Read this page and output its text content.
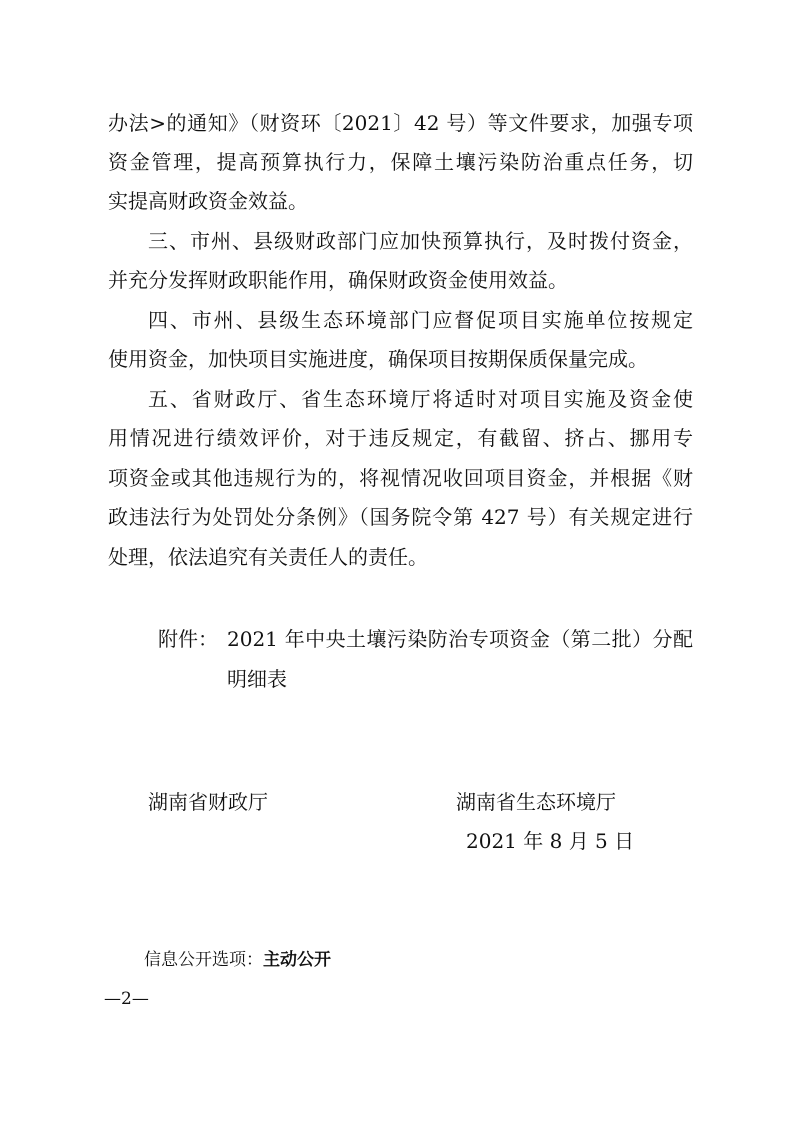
办法>的通知》（财资环〔2021〕42 号）等文件要求，加强专项
资金管理，提高预算执行力，保障土壤污染防治重点任务，切
实提高财政资金效益。
三、市州、县级财政部门应加快预算执行，及时拨付资金，
并充分发挥财政职能作用，确保财政资金使用效益。
四、市州、县级生态环境部门应督促项目实施单位按规定
使用资金，加快项目实施进度，确保项目按期保质保量完成。
五、省财政厅、省生态环境厅将适时对项目实施及资金使
用情况进行绩效评价，对于违反规定，有截留、挤占、挪用专
项资金或其他违规行为的，将视情况收回项目资金，并根据《财
政违法行为处罚处分条例》（国务院令第 427 号）有关规定进行
处理，依法追究有关责任人的责任。
附件： 2021 年中央土壤污染防治专项资金（第二批）分配
明细表
湖南省财政厅	湖南省生态环境厅
2021 年 8 月 5 日
信息公开选项：主动公开
—2—
